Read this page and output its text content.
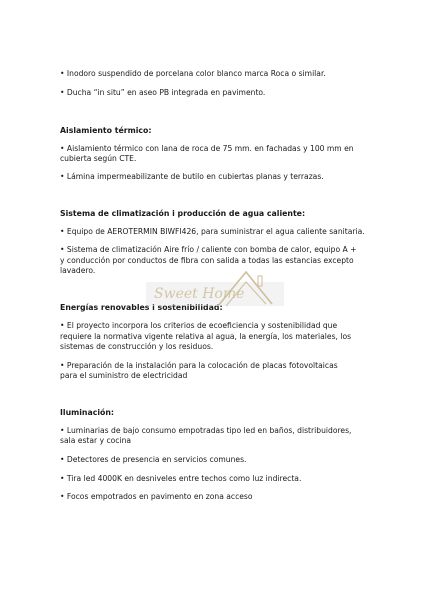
• Inodoro suspendido de porcelana color blanco marca Roca o similar.
• Ducha “in situ” en aseo PB integrada en pavimento.
Aislamiento térmico:
• Aislamiento térmico con lana de roca de 75 mm. en fachadas y 100 mm en
cubierta según CTE.
• Lámina impermeabilizante de butilo en cubiertas planas y terrazas.
Sistema de climatización i producción de agua caliente:
• Equipo de AEROTERMIN BIWFI426, para suministrar el agua caliente sanitaria.
• Sistema de climatización Aire frío / caliente con bomba de calor, equipo A +
y conducción por conductos de fibra con salida a todas las estancias excepto
lavadero.
Energías renovables i sostenibilidad:
• El proyecto incorpora los criterios de ecoeficiencia y sostenibilidad que
requiere la normativa vigente relativa al agua, la energía, los materiales, los
sistemas de construcción y los residuos.
• Preparación de la instalación para la colocación de placas fotovoltaicas
para el suministro de electricidad
Iluminación:
• Luminarias de bajo consumo empotradas tipo led en baños, distribuidores,
sala estar y cocina
• Detectores de presencia en servicios comunes.
• Tira led 4000K en desniveles entre techos como luz indirecta.
• Focos empotrados en pavimento en zona acceso
Sweet Home
